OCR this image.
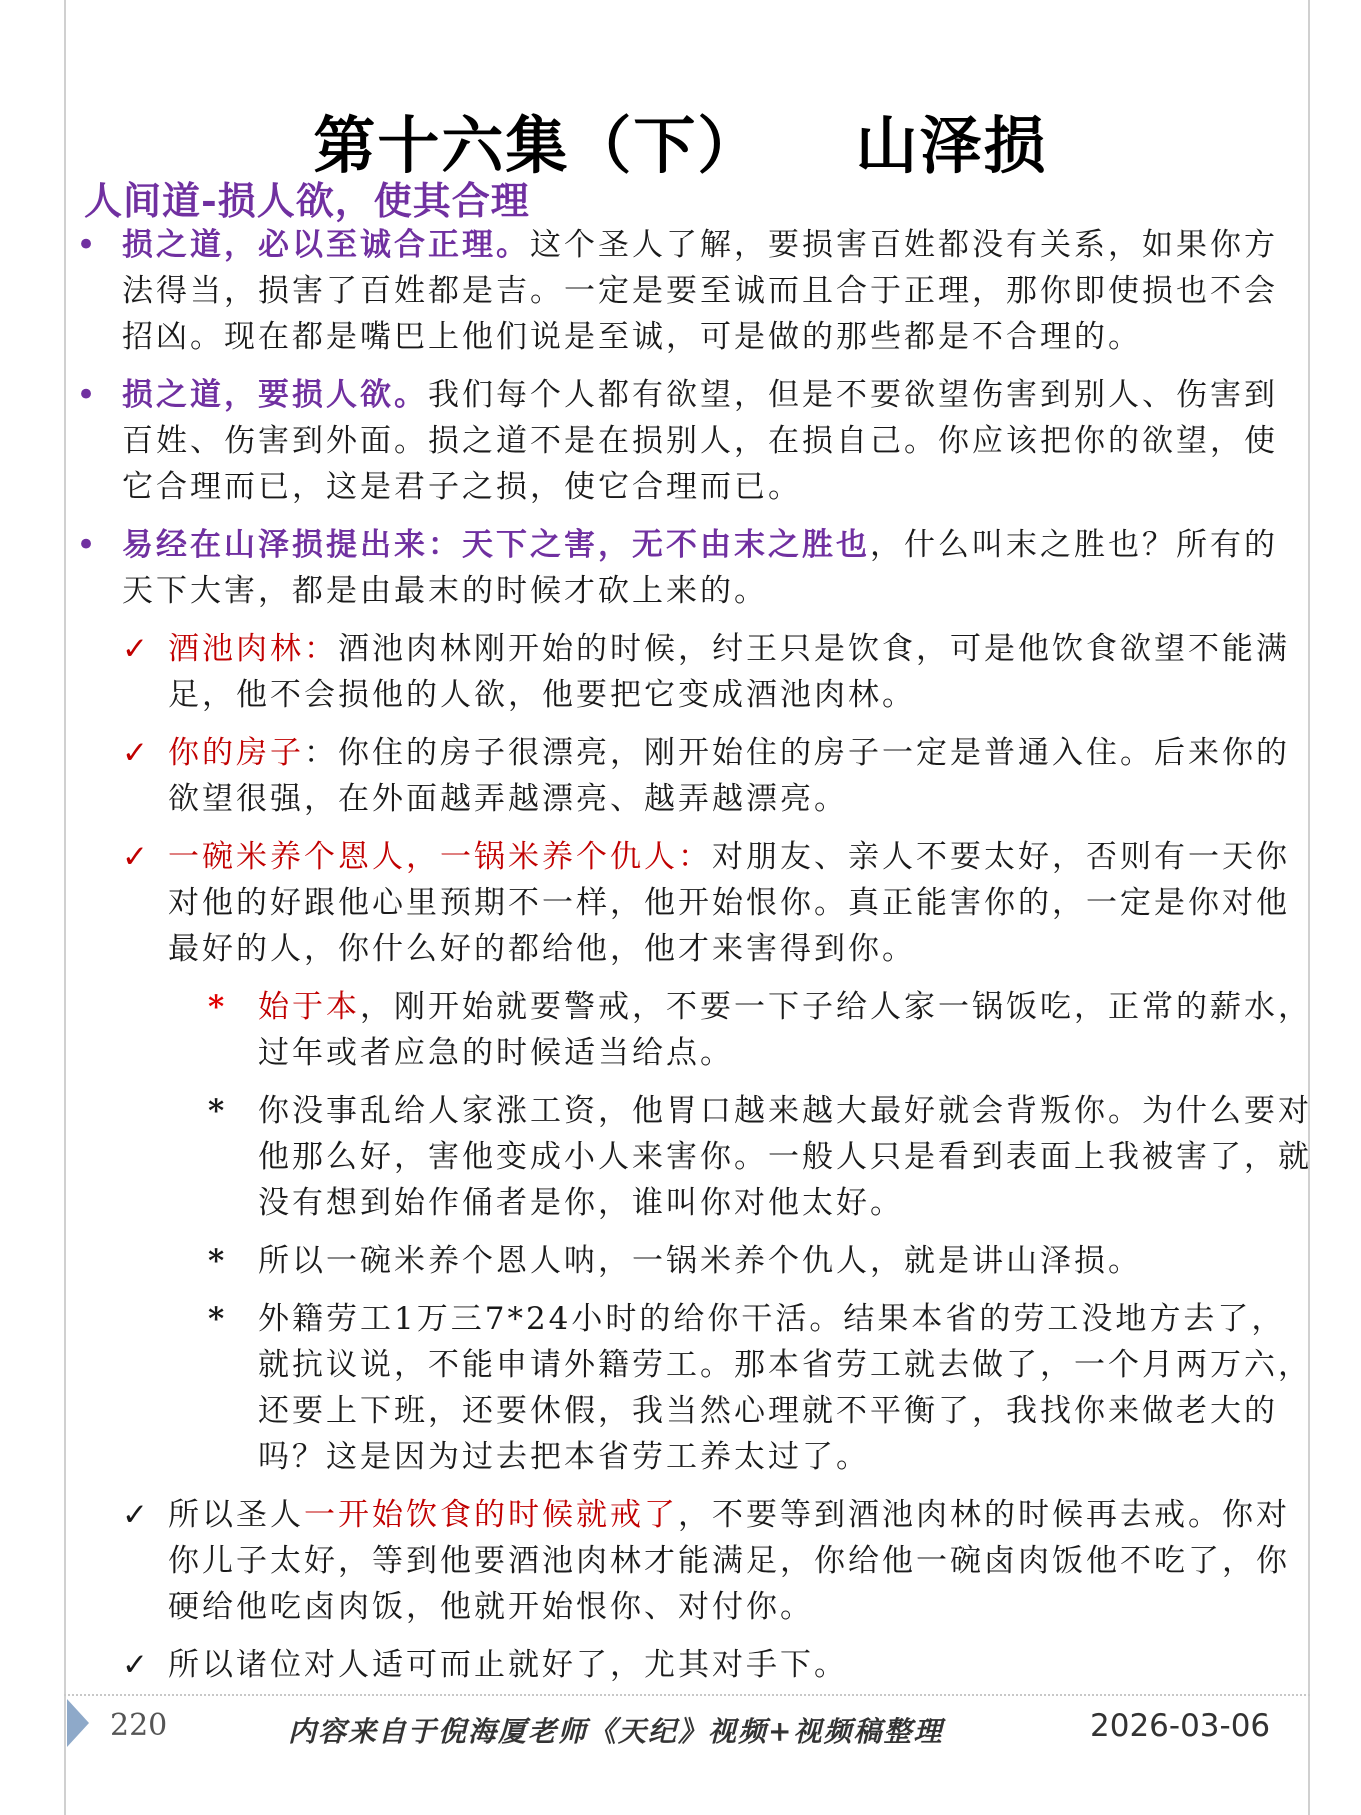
第十六集（下）    山泽损
人间道-损人欲，使其合理
• 损之道，必以至诚合正理。这个圣人了解，要损害百姓都没有关系，如果你方法得当，损害了百姓都是吉。一定是要至诚而且合于正理，那你即使损也不会招凶。现在都是嘴巴上他们说是至诚，可是做的那些都是不合理的。
• 损之道，要损人欲。我们每个人都有欲望，但是不要欲望伤害到别人、伤害到百姓、伤害到外面。损之道不是在损别人，在损自己。你应该把你的欲望，使它合理而已，这是君子之损，使它合理而已。
• 易经在山泽损提出来：天下之害，无不由末之胜也，什么叫末之胜也？所有的天下大害，都是由最末的时候才砍上来的。
✓ 酒池肉林：酒池肉林刚开始的时候，纣王只是饮食，可是他饮食欲望不能满足，他不会损他的人欲，他要把它变成酒池肉林。
✓ 你的房子：你住的房子很漂亮，刚开始住的房子一定是普通入住。后来你的欲望很强，在外面越弄越漂亮、越弄越漂亮。
✓ 一碗米养个恩人，一锅米养个仇人：对朋友、亲人不要太好，否则有一天你对他的好跟他心里预期不一样，他开始恨你。真正能害你的，一定是你对他最好的人，你什么好的都给他，他才来害得到你。
* 始于本，刚开始就要警戒，不要一下子给人家一锅饭吃，正常的薪水，过年或者应急的时候适当给点。
* 你没事乱给人家涨工资，他胃口越来越大最好就会背叛你。为什么要对他那么好，害他变成小人来害你。一般人只是看到表面上我被害了，就没有想到始作俑者是你，谁叫你对他太好。
* 所以一碗米养个恩人呐，一锅米养个仇人，就是讲山泽损。
* 外籍劳工1万三7*24小时的给你干活。结果本省的劳工没地方去了，就抗议说，不能申请外籍劳工。那本省劳工就去做了，一个月两万六，还要上下班，还要休假，我当然心理就不平衡了，我找你来做老大的吗？这是因为过去把本省劳工养太过了。
✓ 所以圣人一开始饮食的时候就戒了，不要等到酒池肉林的时候再去戒。你对你儿子太好，等到他要酒池肉林才能满足，你给他一碗卤肉饭他不吃了，你硬给他吃卤肉饭，他就开始恨你、对付你。
✓ 所以诸位对人适可而止就好了，尤其对手下。
220	内容来自于倪海厦老师《天纪》视频+视频稿整理	2026-03-06
